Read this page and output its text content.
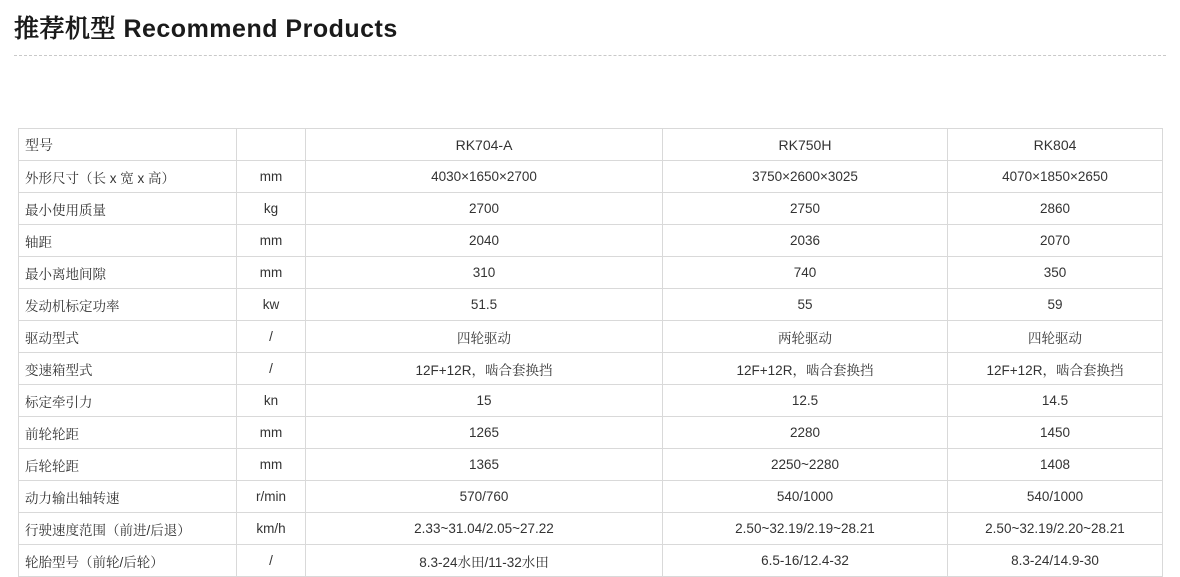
推荐机型 Recommend Products
型号		RK704-A	RK750H	RK804
外形尺寸（长 x 宽 x 高）	mm	4030×1650×2700	3750×2600×3025	4070×1850×2650
最小使用质量	kg	2700	2750	2860
轴距	mm	2040	2036	2070
最小离地间隙	mm	310	740	350
发动机标定功率	kw	51.5	55	59
驱动型式	/	四轮驱动	两轮驱动	四轮驱动
变速箱型式	/	12F+12R，啮合套换挡	12F+12R，啮合套换挡	12F+12R，啮合套换挡
标定牵引力	kn	15	12.5	14.5
前轮轮距	mm	1265	2280	1450
后轮轮距	mm	1365	2250~2280	1408
动力输出轴转速	r/min	570/760	540/1000	540/1000
行驶速度范围（前进/后退）	km/h	2.33~31.04/2.05~27.22	2.50~32.19/2.19~28.21	2.50~32.19/2.20~28.21
轮胎型号（前轮/后轮）	/	8.3-24水田/11-32水田	6.5-16/12.4-32	8.3-24/14.9-30
